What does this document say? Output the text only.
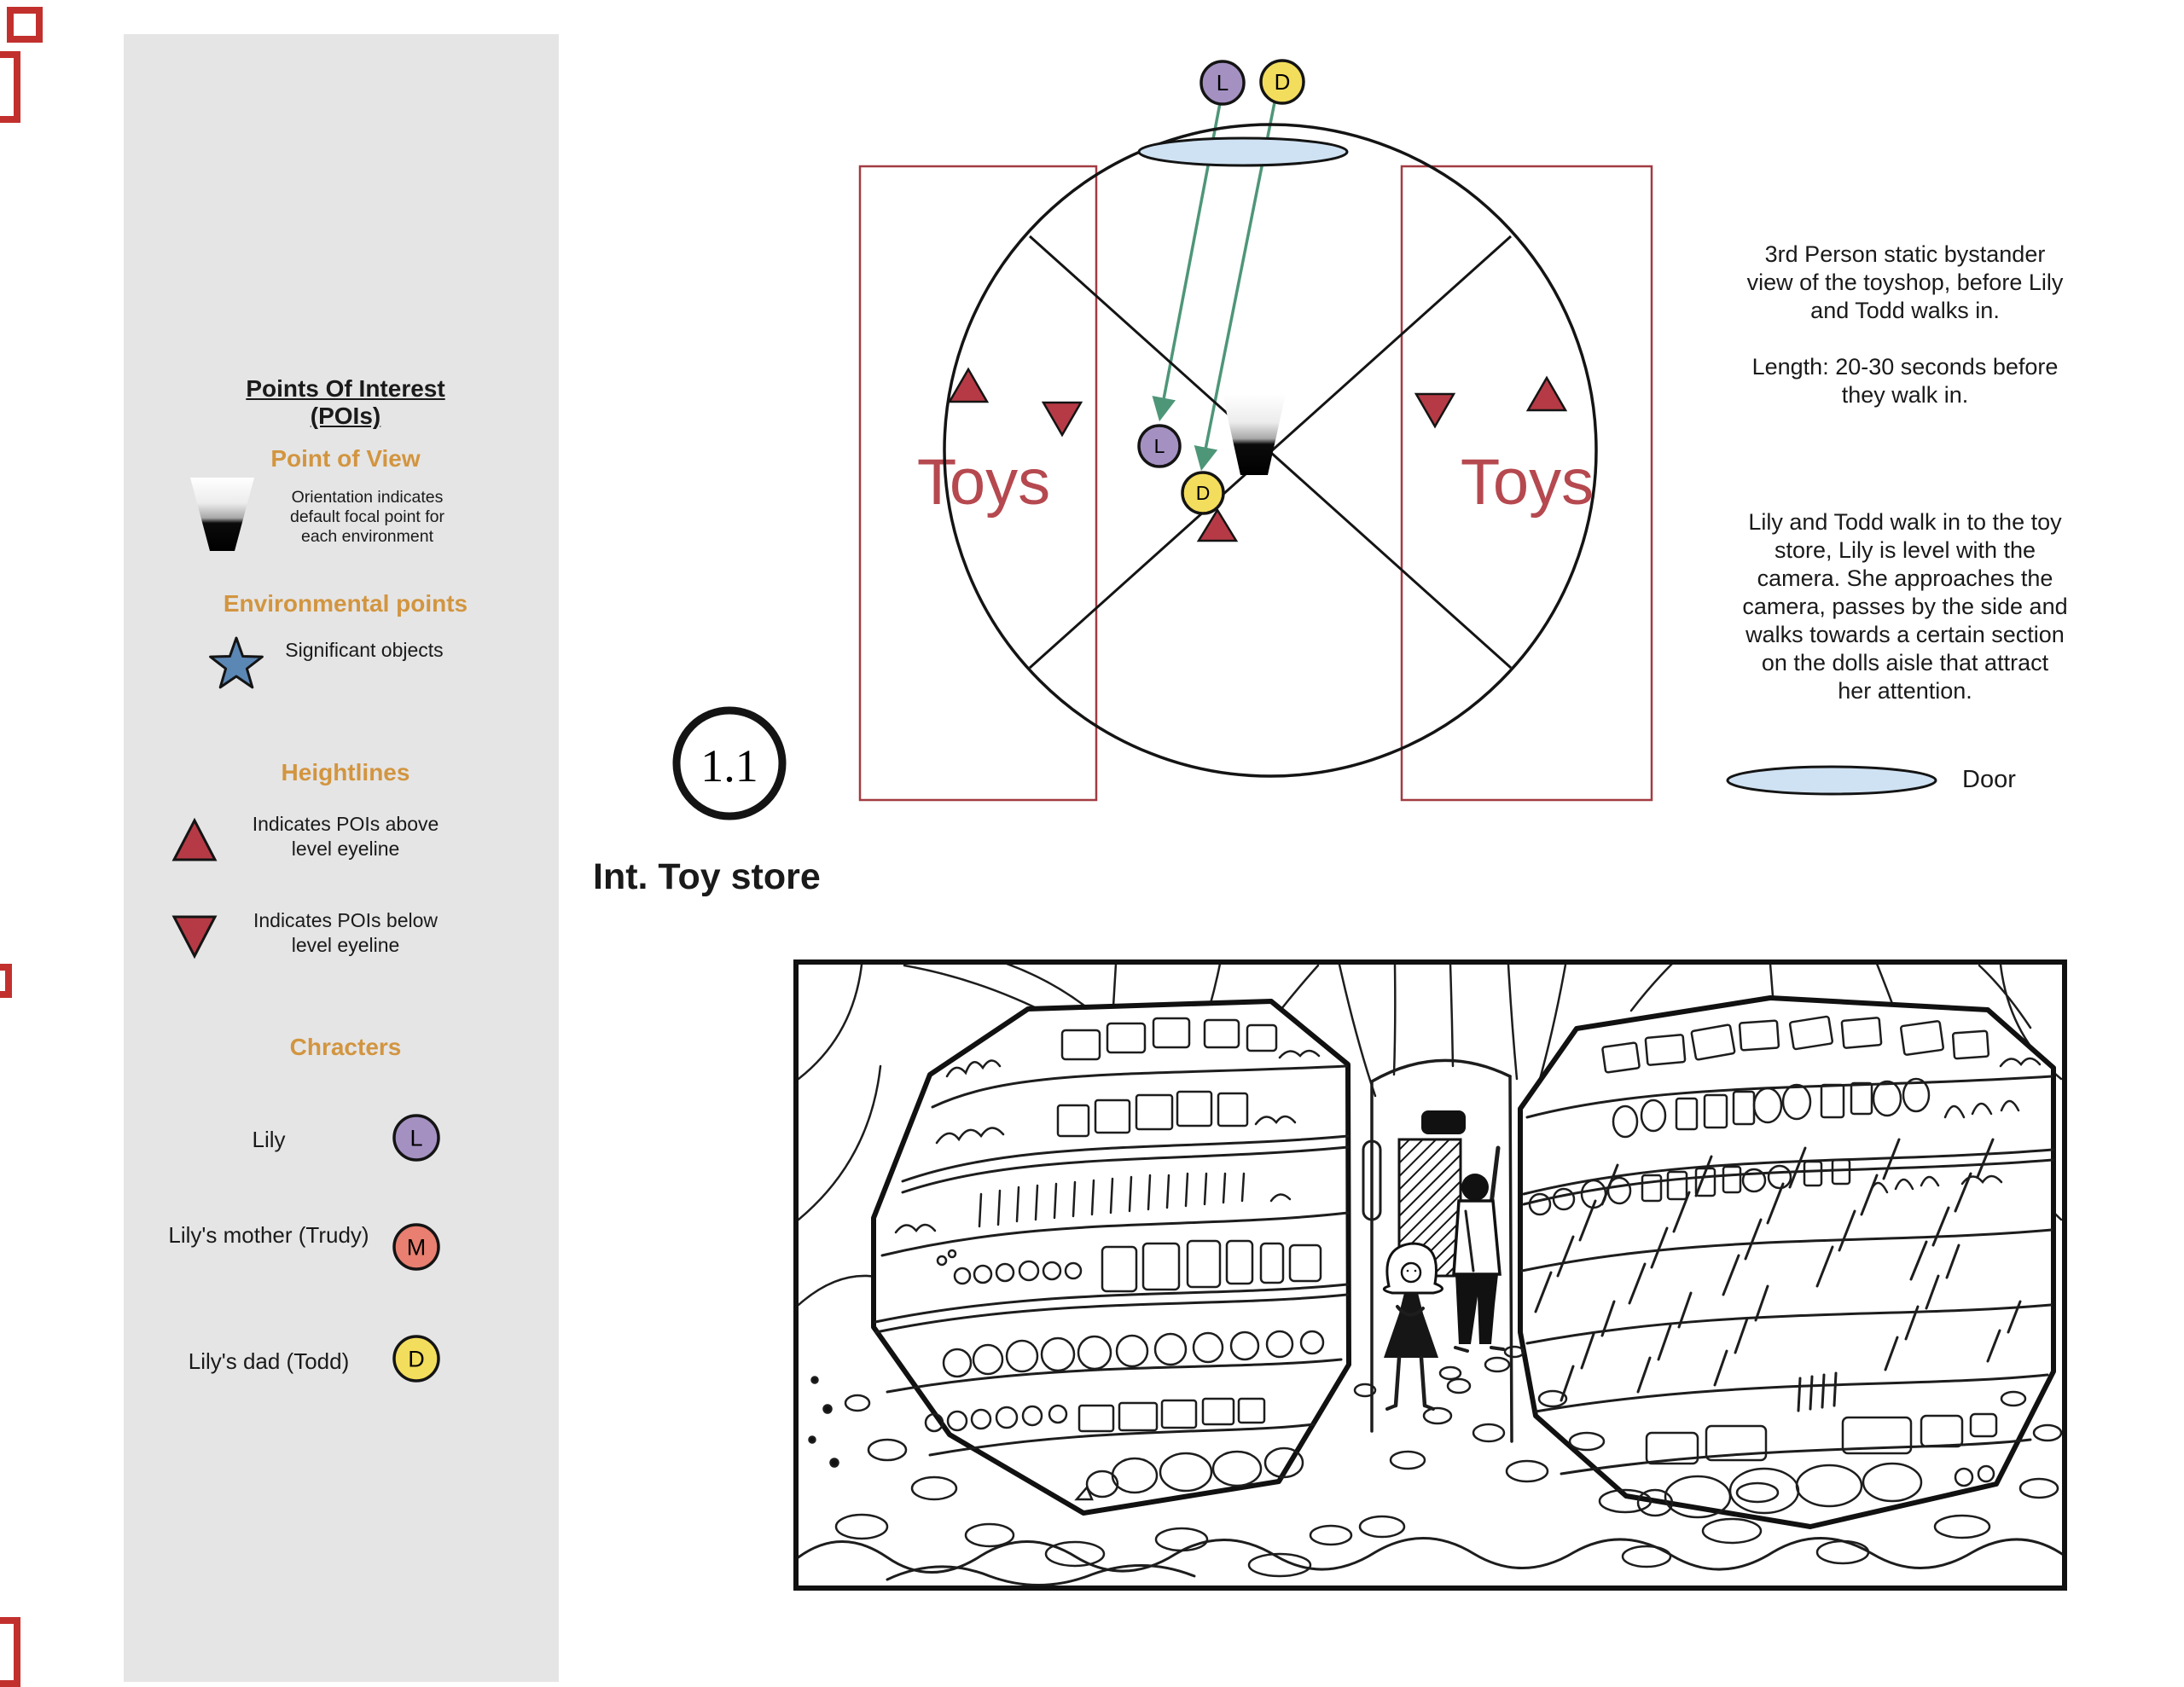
L
M
D
Toys	Toys
L D
L
D
1.1
Points Of Interest (POIs)
Point of View
Orientation indicates default focal point for each environment
Environmental points
Significant objects
Heightlines
Indicates POIs above level eyeline
Indicates POIs below level eyeline
Chracters
Lily
Lily's mother (Trudy)
Lily's dad (Todd)

3rd Person static bystander view of the toyshop, before Lily and Todd walks in.

Length: 20-30 seconds before they walk in.

Lily and Todd walk in to the toy store, Lily is level with the camera. She approaches the camera, passes by the side and walks towards a certain section on the dolls aisle that attract her attention.

Door
Int. Toy store
